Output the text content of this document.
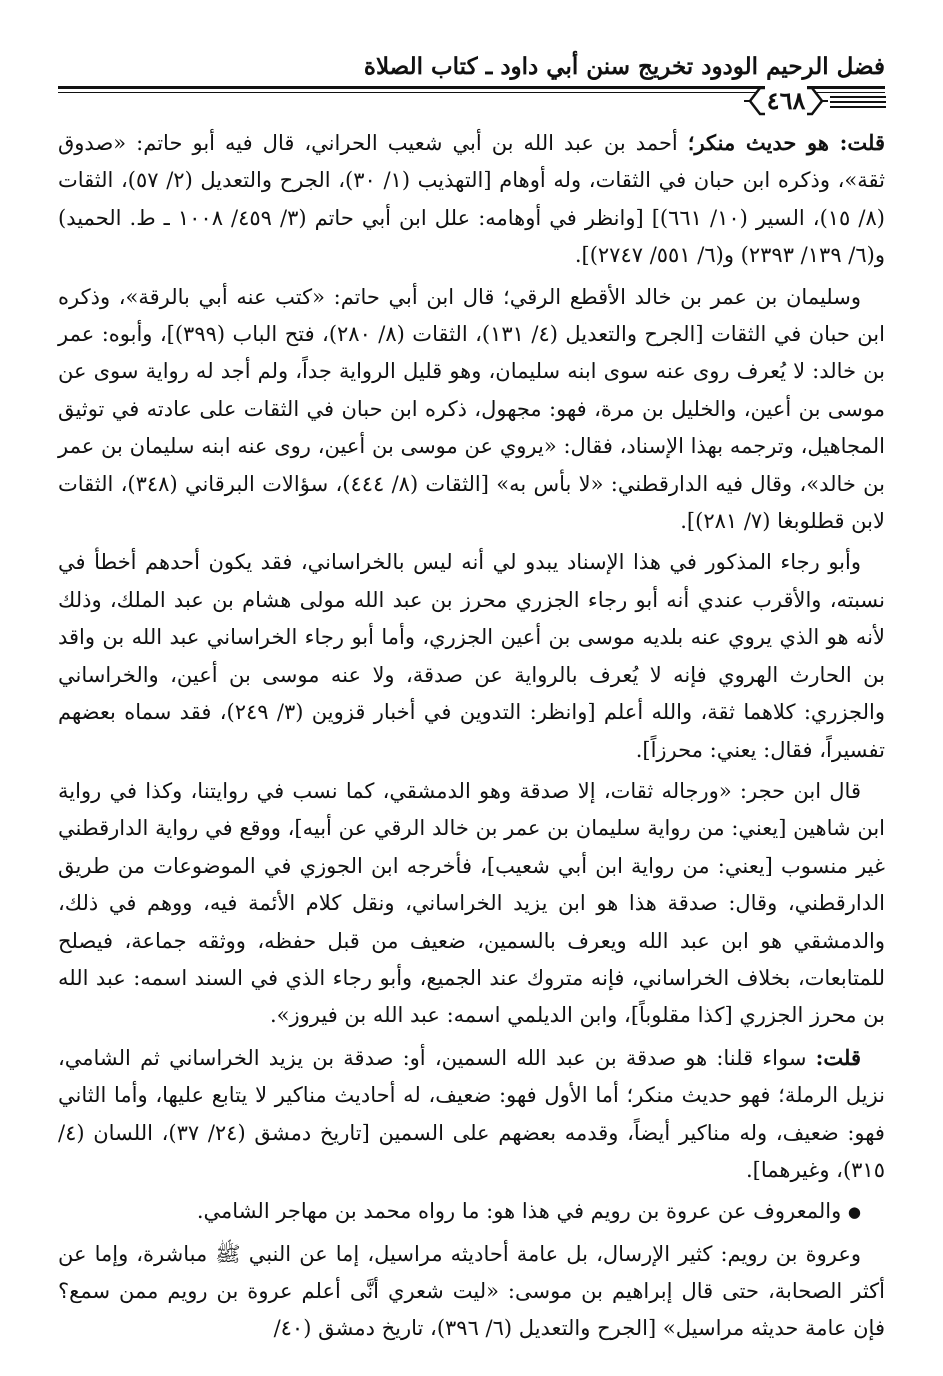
فضل الرحيم الودود تخريج سنن أبي داود ـ كتاب الصلاة
٤٦٨

قلت: هو حديث منكر؛ أحمد بن عبد الله بن أبي شعيب الحراني، قال فيه أبو حاتم: «صدوق ثقة»، وذكره ابن حبان في الثقات، وله أوهام [التهذيب (١/ ٣٠)، الجرح والتعديل (٢/ ٥٧)، الثقات (٨/ ١٥)، السير (١٠/ ٦٦١)] [وانظر في أوهامه: علل ابن أبي حاتم (٣/ ٤٥٩/ ١٠٠٨ ـ ط. الحميد) و(٦/ ١٣٩/ ٢٣٩٣) و(٦/ ٥٥١/ ٢٧٤٧)].

وسليمان بن عمر بن خالد الأقطع الرقي؛ قال ابن أبي حاتم: «كتب عنه أبي بالرقة»، وذكره ابن حبان في الثقات [الجرح والتعديل (٤/ ١٣١)، الثقات (٨/ ٢٨٠)، فتح الباب (٣٩٩)]، وأبوه: عمر بن خالد: لا يُعرف روى عنه سوى ابنه سليمان، وهو قليل الرواية جداً، ولم أجد له رواية سوى عن موسى بن أعين، والخليل بن مرة، فهو: مجهول، ذكره ابن حبان في الثقات على عادته في توثيق المجاهيل، وترجمه بهذا الإسناد، فقال: «يروي عن موسى بن أعين، روى عنه ابنه سليمان بن عمر بن خالد»، وقال فيه الدارقطني: «لا بأس به» [الثقات (٨/ ٤٤٤)، سؤالات البرقاني (٣٤٨)، الثقات لابن قطلوبغا (٧/ ٢٨١)].

وأبو رجاء المذكور في هذا الإسناد يبدو لي أنه ليس بالخراساني، فقد يكون أحدهم أخطأ في نسبته، والأقرب عندي أنه أبو رجاء الجزري محرز بن عبد الله مولى هشام بن عبد الملك، وذلك لأنه هو الذي يروي عنه بلديه موسى بن أعين الجزري، وأما أبو رجاء الخراساني عبد الله بن واقد بن الحارث الهروي فإنه لا يُعرف بالرواية عن صدقة، ولا عنه موسى بن أعين، والخراساني والجزري: كلاهما ثقة، والله أعلم [وانظر: التدوين في أخبار قزوين (٣/ ٢٤٩)، فقد سماه بعضهم تفسيراً، فقال: يعني: محرزاً].

قال ابن حجر: «ورجاله ثقات، إلا صدقة وهو الدمشقي، كما نسب في روايتنا، وكذا في رواية ابن شاهين [يعني: من رواية سليمان بن عمر بن خالد الرقي عن أبيه]، ووقع في رواية الدارقطني غير منسوب [يعني: من رواية ابن أبي شعيب]، فأخرجه ابن الجوزي في الموضوعات من طريق الدارقطني، وقال: صدقة هذا هو ابن يزيد الخراساني، ونقل كلام الأئمة فيه، ووهم في ذلك، والدمشقي هو ابن عبد الله ويعرف بالسمين، ضعيف من قبل حفظه، ووثقه جماعة، فيصلح للمتابعات، بخلاف الخراساني، فإنه متروك عند الجميع، وأبو رجاء الذي في السند اسمه: عبد الله بن محرز الجزري [كذا مقلوباً]، وابن الديلمي اسمه: عبد الله بن فيروز».

قلت: سواء قلنا: هو صدقة بن عبد الله السمين، أو: صدقة بن يزيد الخراساني ثم الشامي، نزيل الرملة؛ فهو حديث منكر؛ أما الأول فهو: ضعيف، له أحاديث مناكير لا يتابع عليها، وأما الثاني فهو: ضعيف، وله مناكير أيضاً، وقدمه بعضهم على السمين [تاريخ دمشق (٢٤/ ٣٧)، اللسان (٤/ ٣١٥)، وغيرهما].

● والمعروف عن عروة بن رويم في هذا هو: ما رواه محمد بن مهاجر الشامي.

وعروة بن رويم: كثير الإرسال، بل عامة أحاديثه مراسيل، إما عن النبي ﷺ مباشرة، وإما عن أكثر الصحابة، حتى قال إبراهيم بن موسى: «ليت شعري أنَّى أعلم عروة بن رويم ممن سمع؟ فإن عامة حديثه مراسيل» [الجرح والتعديل (٦/ ٣٩٦)، تاريخ دمشق (٤٠/
